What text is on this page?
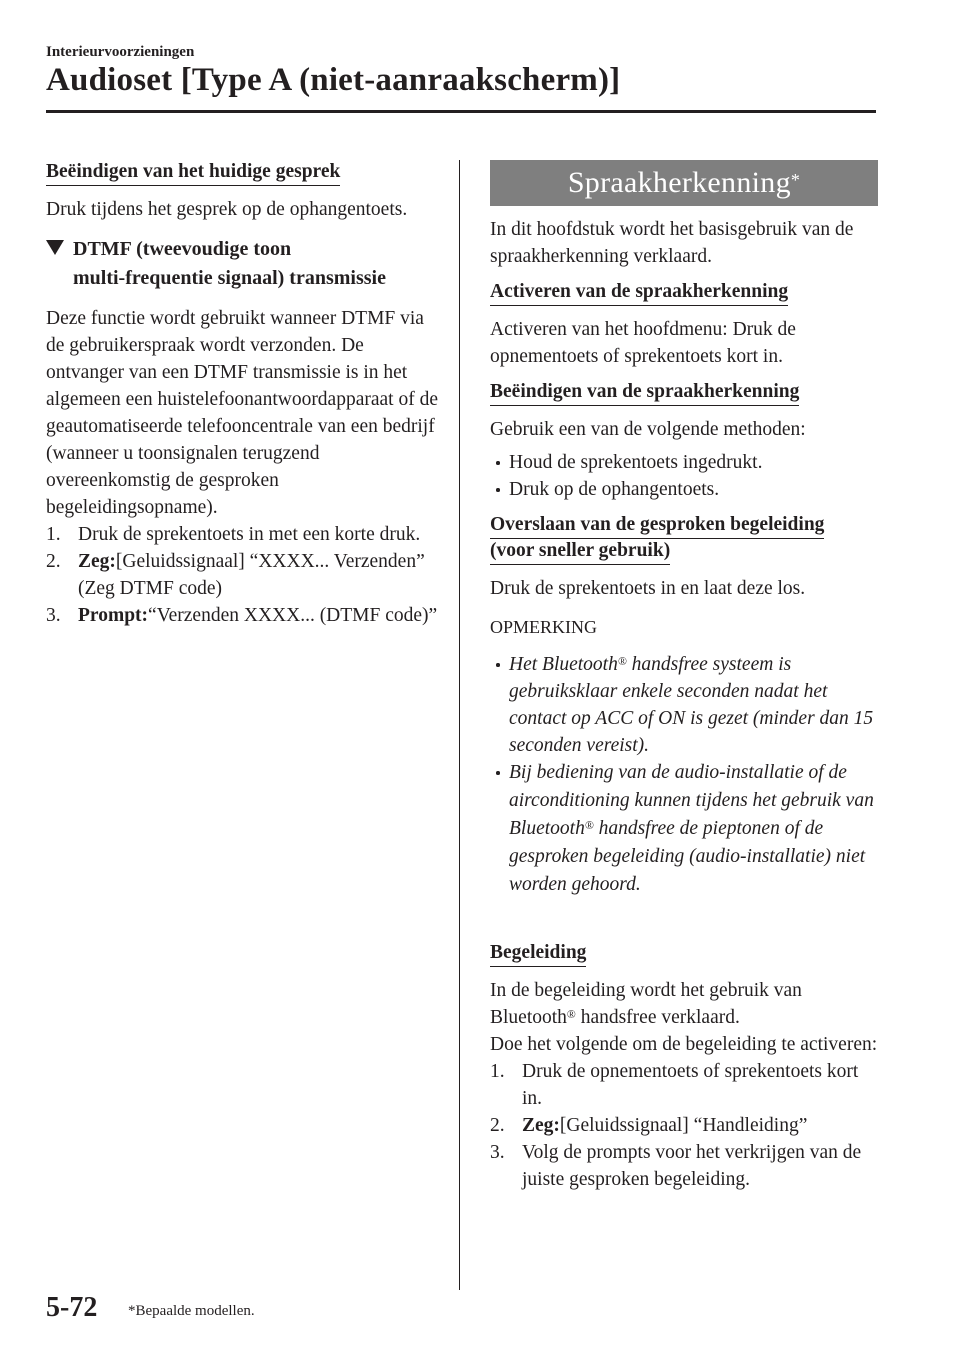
Interieurvoorzieningen
Audioset [Type A (niet-aanraakscherm)]
Beëindigen van het huidige gesprek
Druk tijdens het gesprek op de ophangentoets.
DTMF (tweevoudige toon
multi-frequentie signaal) transmissie
Deze functie wordt gebruikt wanneer DTMF via de gebruikerspraak wordt verzonden. De ontvanger van een DTMF transmissie is in het algemeen een huistelefoonantwoordapparaat of de geautomatiseerde telefooncentrale van een bedrijf (wanneer u toonsignalen terugzend overeenkomstig de gesproken begeleidingsopname).
1. Druk de sprekentoets in met een korte druk.
2. Zeg:[Geluidssignaal] “XXXX... Verzenden” (Zeg DTMF code)
3. Prompt:“Verzenden XXXX... (DTMF code)”
Spraakherkenning*
In dit hoofdstuk wordt het basisgebruik van de spraakherkenning verklaard.
Activeren van de spraakherkenning
Activeren van het hoofdmenu: Druk de opnementoets of sprekentoets kort in.
Beëindigen van de spraakherkenning
Gebruik een van de volgende methoden:
Houd de sprekentoets ingedrukt.
Druk op de ophangentoets.
Overslaan van de gesproken begeleiding
(voor sneller gebruik)
Druk de sprekentoets in en laat deze los.
OPMERKING
Het Bluetooth® handsfree systeem is gebruiksklaar enkele seconden nadat het contact op ACC of ON is gezet (minder dan 15 seconden vereist).
Bij bediening van de audio-installatie of de airconditioning kunnen tijdens het gebruik van Bluetooth® handsfree de pieptonen of de gesproken begeleiding (audio-installatie) niet worden gehoord.
Begeleiding
In de begeleiding wordt het gebruik van Bluetooth® handsfree verklaard.
Doe het volgende om de begeleiding te activeren:
1. Druk de opnementoets of sprekentoets kort in.
2. Zeg:[Geluidssignaal] “Handleiding”
3. Volg de prompts voor het verkrijgen van de juiste gesproken begeleiding.
5-72 *Bepaalde modellen.
